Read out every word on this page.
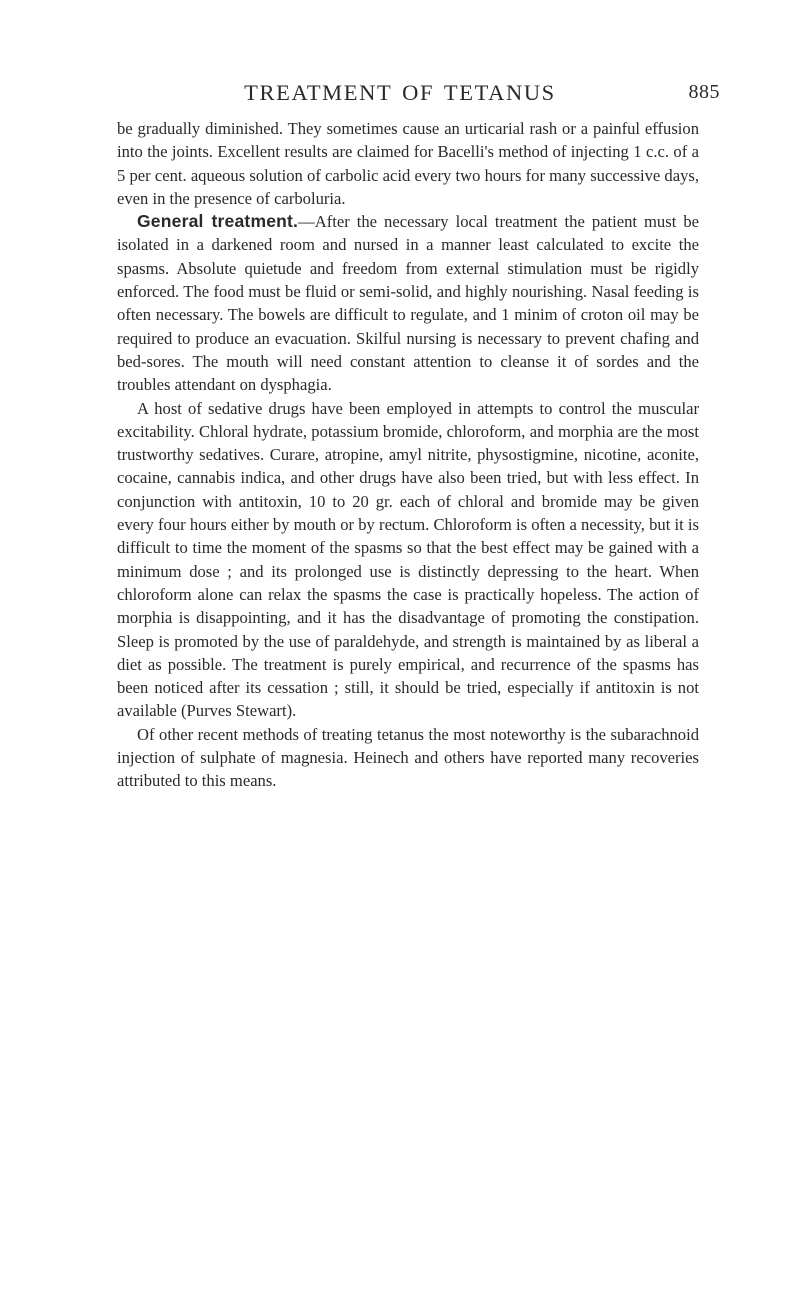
TREATMENT OF TETANUS	885

be gradually diminished. They sometimes cause an urticarial rash or a painful effusion into the joints. Excellent results are claimed for Bacelli's method of injecting 1 c.c. of a 5 per cent. aqueous solution of carbolic acid every two hours for many successive days, even in the presence of carboluria.

General treatment.—After the necessary local treatment the patient must be isolated in a darkened room and nursed in a manner least calculated to excite the spasms. Absolute quietude and freedom from external stimulation must be rigidly enforced. The food must be fluid or semi-solid, and highly nourishing. Nasal feeding is often necessary. The bowels are difficult to regulate, and 1 minim of croton oil may be required to produce an evacuation. Skilful nursing is necessary to prevent chafing and bed-sores. The mouth will need constant attention to cleanse it of sordes and the troubles attendant on dysphagia.

A host of sedative drugs have been employed in attempts to control the muscular excitability. Chloral hydrate, potassium bromide, chloroform, and morphia are the most trustworthy sedatives. Curare, atropine, amyl nitrite, physostigmine, nicotine, aconite, cocaine, cannabis indica, and other drugs have also been tried, but with less effect. In conjunction with antitoxin, 10 to 20 gr. each of chloral and bromide may be given every four hours either by mouth or by rectum. Chloroform is often a necessity, but it is difficult to time the moment of the spasms so that the best effect may be gained with a minimum dose ; and its prolonged use is distinctly depressing to the heart. When chloroform alone can relax the spasms the case is practically hopeless. The action of morphia is disappointing, and it has the disadvantage of promoting the constipation. Sleep is promoted by the use of paraldehyde, and strength is maintained by as liberal a diet as possible. The treatment is purely empirical, and recurrence of the spasms has been noticed after its cessation ; still, it should be tried, especially if antitoxin is not available (Purves Stewart).

Of other recent methods of treating tetanus the most noteworthy is the subarachnoid injection of sulphate of magnesia. Heinech and others have reported many recoveries attributed to this means.
